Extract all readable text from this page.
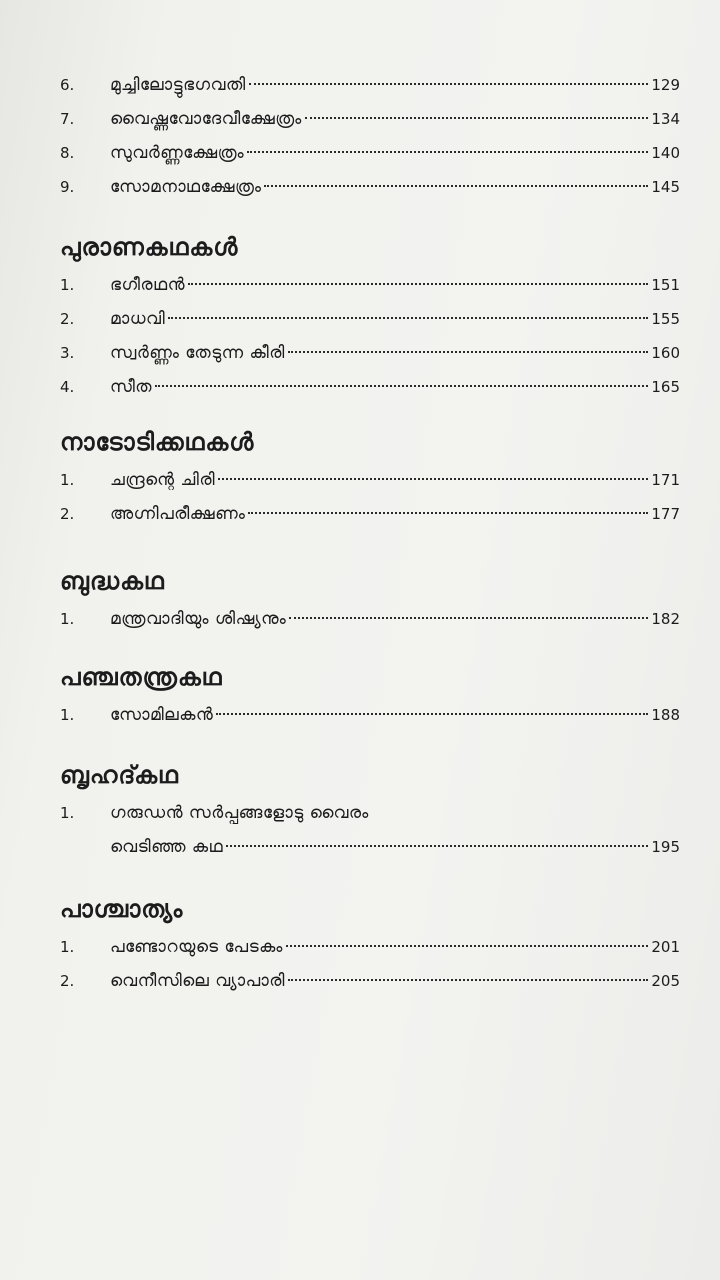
6.	മുച്ചിലോട്ടുഭഗവതി	129
7.	വൈഷ്ണവോദേവീക്ഷേത്രം	134
8.	സുവർണ്ണക്ഷേത്രം	140
9.	സോമനാഥക്ഷേത്രം	145
പുരാണകഥകൾ
1.	ഭഗീരഥൻ	151
2.	മാധവി	155
3.	സ്വർണ്ണം തേടുന്ന കീരി	160
4.	സീത	165
നാടോടിക്കഥകൾ
1.	ചന്ദ്രന്റെ ചിരി	171
2.	അഗ്നിപരീക്ഷണം	177
ബുദ്ധകഥ
1.	മന്ത്രവാദിയും ശിഷ്യനും	182
പഞ്ചതന്ത്രകഥ
1.	സോമിലകൻ	188
ബൃഹദ്കഥ
1.	ഗരുഡൻ സർപ്പങ്ങളോടു വൈരം
വെടിഞ്ഞ കഥ	195
പാശ്ചാത്യം
1.	പണ്ടോറയുടെ പേടകം	201
2.	വെനീസിലെ വ്യാപാരി	205
